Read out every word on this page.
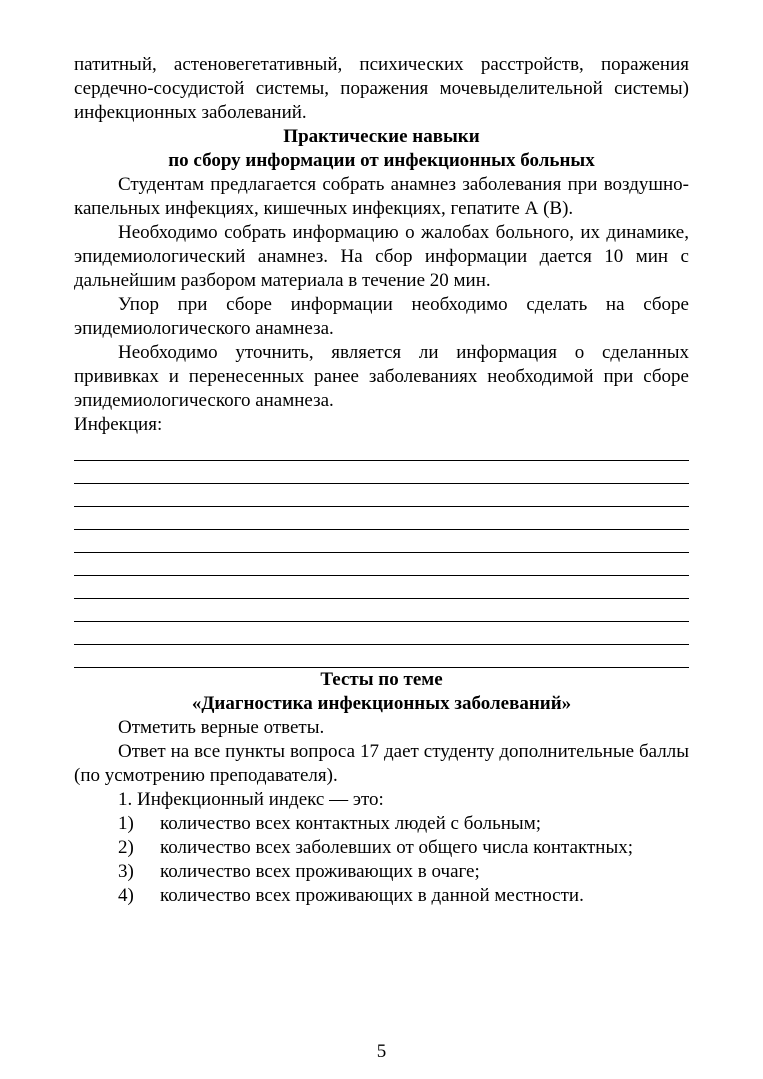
патитный, астеновегетативный, психических расстройств, поражения сердечно-сосудистой системы, поражения мочевыделительной системы) инфекционных заболеваний.

Практические навыки

по сбору информации от инфекционных больных

Студентам предлагается собрать анамнез заболевания при воздушно-капельных инфекциях, кишечных инфекциях, гепатите А (В).

Необходимо собрать информацию о жалобах больного, их динамике, эпидемиологический анамнез. На сбор информации дается 10 мин с дальнейшим разбором материала в течение 20 мин.

Упор при сборе информации необходимо сделать на сборе эпидемиологического анамнеза.

Необходимо уточнить, является ли информация о сделанных прививках и перенесенных ранее заболеваниях необходимой при сборе эпидемиологического анамнеза.

Инфекция:

Тесты по теме

«Диагностика инфекционных заболеваний»

Отметить верные ответы.

Ответ на все пункты вопроса 17 дает студенту дополнительные баллы (по усмотрению преподавателя).

1. Инфекционный индекс — это:

1)	количество всех контактных людей с больным;
2)	количество всех заболевших от общего числа контактных;
3)	количество всех проживающих в очаге;
4)	количество всех проживающих в данной местности.
5
